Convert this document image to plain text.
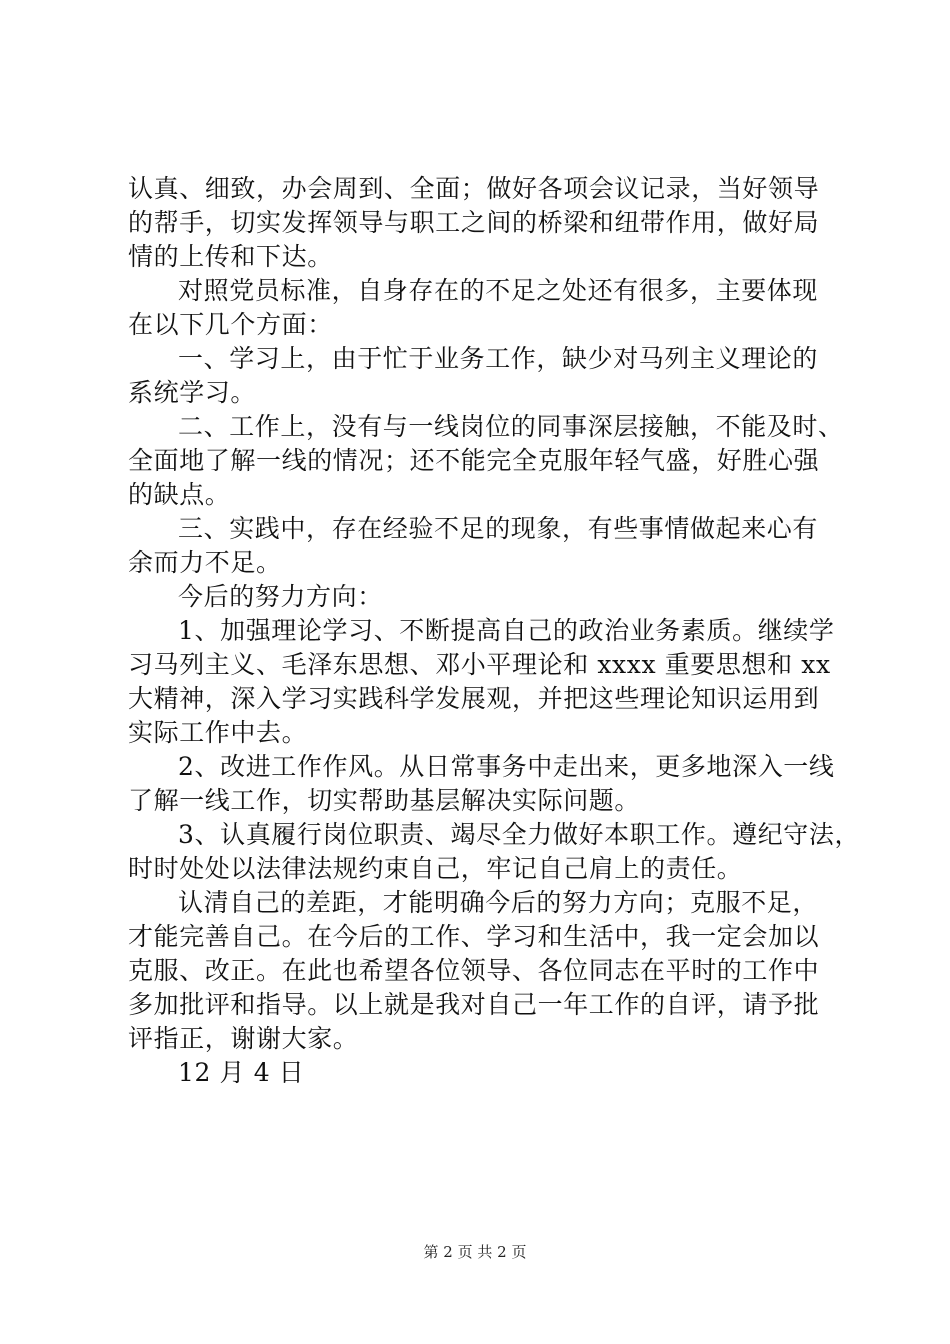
认真、细致，办会周到、全面；做好各项会议记录，当好领导
的帮手，切实发挥领导与职工之间的桥梁和纽带作用，做好局
情的上传和下达。
对照党员标准，自身存在的不足之处还有很多，主要体现
在以下几个方面：
一、学习上，由于忙于业务工作，缺少对马列主义理论的
系统学习。
二、工作上，没有与一线岗位的同事深层接触，不能及时、
全面地了解一线的情况；还不能完全克服年轻气盛，好胜心强
的缺点。
三、实践中，存在经验不足的现象，有些事情做起来心有
余而力不足。
今后的努力方向：
1、加强理论学习、不断提高自己的政治业务素质。继续学
习马列主义、毛泽东思想、邓小平理论和 xxxx 重要思想和 xx
大精神，深入学习实践科学发展观，并把这些理论知识运用到
实际工作中去。
2、改进工作作风。从日常事务中走出来，更多地深入一线
了解一线工作，切实帮助基层解决实际问题。
3、认真履行岗位职责、竭尽全力做好本职工作。遵纪守法，
时时处处以法律法规约束自己，牢记自己肩上的责任。
认清自己的差距，才能明确今后的努力方向；克服不足，
才能完善自己。在今后的工作、学习和生活中，我一定会加以
克服、改正。在此也希望各位领导、各位同志在平时的工作中
多加批评和指导。以上就是我对自己一年工作的自评，请予批
评指正，谢谢大家。
12 月 4 日
第 2 页 共 2 页
